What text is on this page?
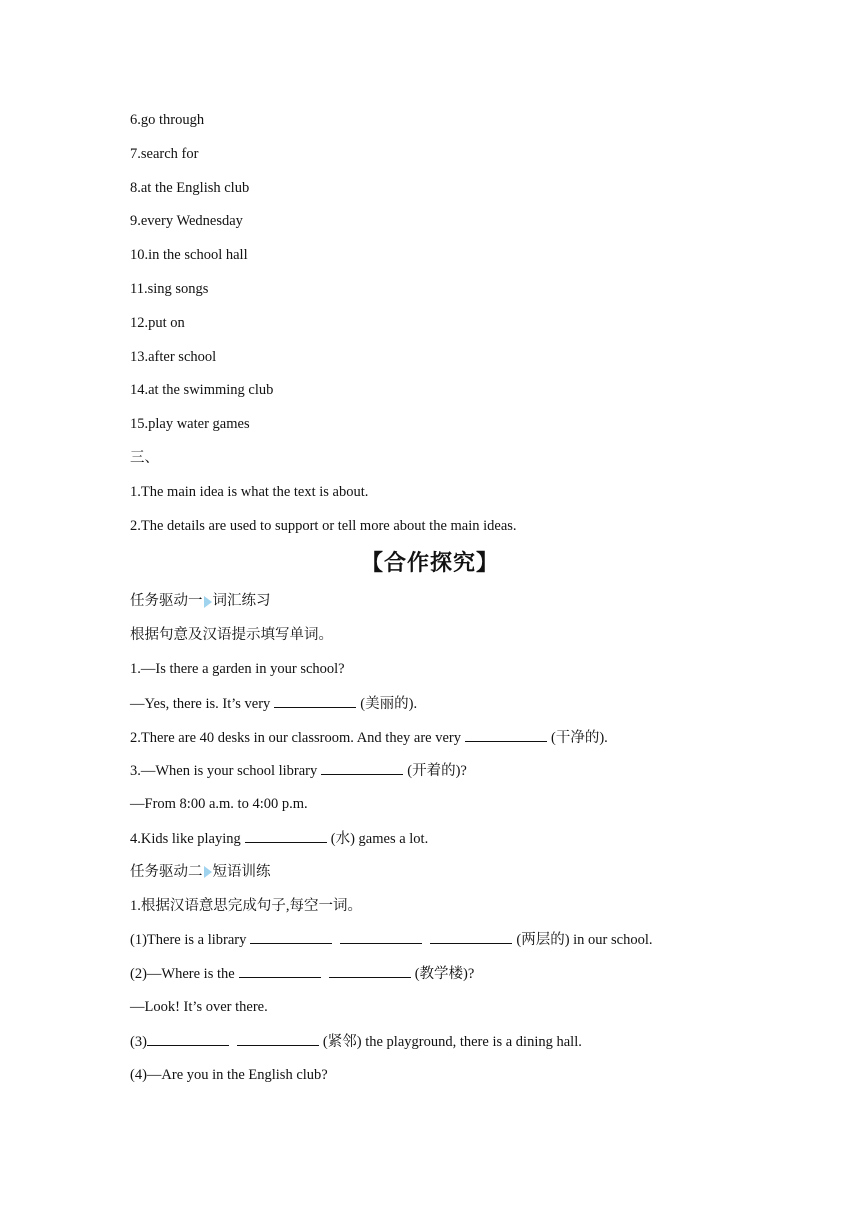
6.go through
7.search for
8.at the English club
9.every Wednesday
10.in the school hall
11.sing songs
12.put on
13.after school
14.at the swimming club
15.play water games
三、
1.The main idea is what the text is about.
2.The details are used to support or tell more about the main ideas.
【合作探究】
任务驱动一 词汇练习
根据句意及汉语提示填写单词。
1.—Is there a garden in your school?
—Yes, there is. It’s very	(美丽的).
2.There are 40 desks in our classroom. And they are very	(干净的).
3.—When is your school library	(开着的)?
—From 8:00 a.m. to 4:00 p.m.
4.Kids like playing	(水) games a lot.
任务驱动二 短语训练
1.根据汉语意思完成句子,每空一词。
(1)There is a library	(两层的) in our school.
(2)—Where is the	(教学楼)?
—Look! It’s over there.
(3)	(紧邻) the playground, there is a dining hall.
(4)—Are you in the English club?
